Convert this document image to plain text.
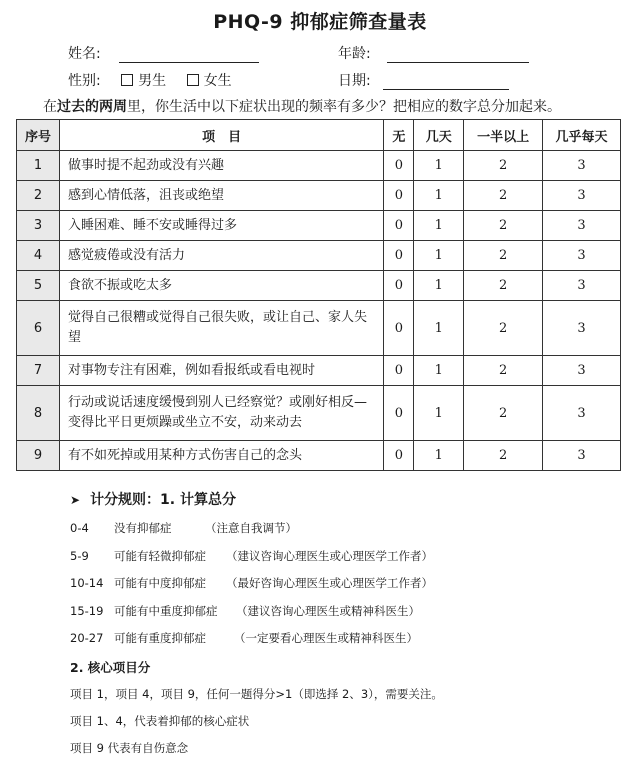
PHQ-9 抑郁症筛查量表
姓名:	年龄:
性别:	男生	女生	日期:
在过去的两周里，你生活中以下症状出现的频率有多少？把相应的数字总分加起来。
序号	项　目	无	几天	一半以上	几乎每天
1	做事时提不起劲或没有兴趣	0	1	2	3
2	感到心情低落，沮丧或绝望	0	1	2	3
3	入睡困难、睡不安或睡得过多	0	1	2	3
4	感觉疲倦或没有活力	0	1	2	3
5	食欲不振或吃太多	0	1	2	3
6	觉得自己很糟或觉得自己很失败，或让自己、家人失望	0	1	2	3
7	对事物专注有困难，例如看报纸或看电视时	0	1	2	3
8	行动或说话速度缓慢到别人已经察觉？或刚好相反—变得比平日更烦躁或坐立不安，动来动去	0	1	2	3
9	有不如死掉或用某种方式伤害自己的念头	0	1	2	3
➤ 计分规则：1. 计算总分
0-4 没有抑郁症	（注意自我调节）
5-9 可能有轻微抑郁症 （建议咨询心理医生或心理医学工作者）
10-14 可能有中度抑郁症 （最好咨询心理医生或心理医学工作者）
15-19 可能有中重度抑郁症 （建议咨询心理医生或精神科医生）
20-27 可能有重度抑郁症 （一定要看心理医生或精神科医生）
2. 核心项目分
项目 1，项目 4，项目 9，任何一题得分>1（即选择 2、3），需要关注。
项目 1、4，代表着抑郁的核心症状
项目 9 代表有自伤意念
